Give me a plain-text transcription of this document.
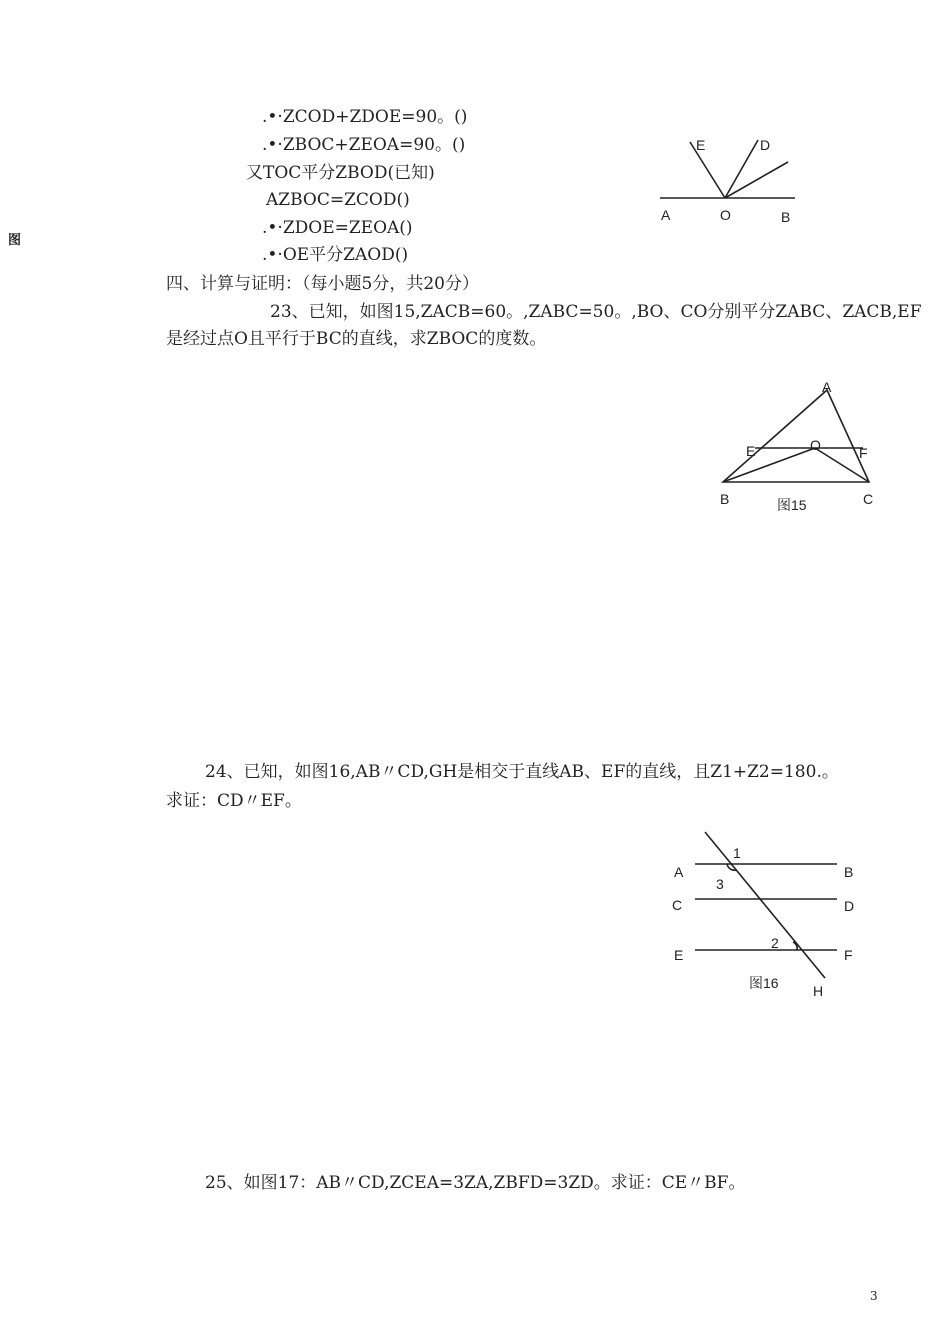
图
.•·ZCOD+ZDOE=90。()
.•·ZBOC+ZEOA=90。()
又TOC平分ZBOD(已知)
AZBOC=ZCOD()
.•·ZDOE=ZEOA()
.•·OE平分ZAOD()
四、计算与证明：（每小题5分，共20分）
23、已知，如图15,ZACB=60。,ZABC=50。,BO、CO分别平分ZABC、ZACB,EF
是经过点O且平行于BC的直线，求ZBOC的度数。
24、已知，如图16,AB〃CD,GH是相交于直线AB、EF的直线，且Z1+Z2=180.。
求证：CD〃EF。
25、如图17：AB〃CD,ZCEA=3ZA,ZBFD=3ZD。求证：CE〃BF。
A	O	B
E	D
A
E	O	F
B	C
图15
1
3
2
A	B
C	D
E	F
图16 H
3
